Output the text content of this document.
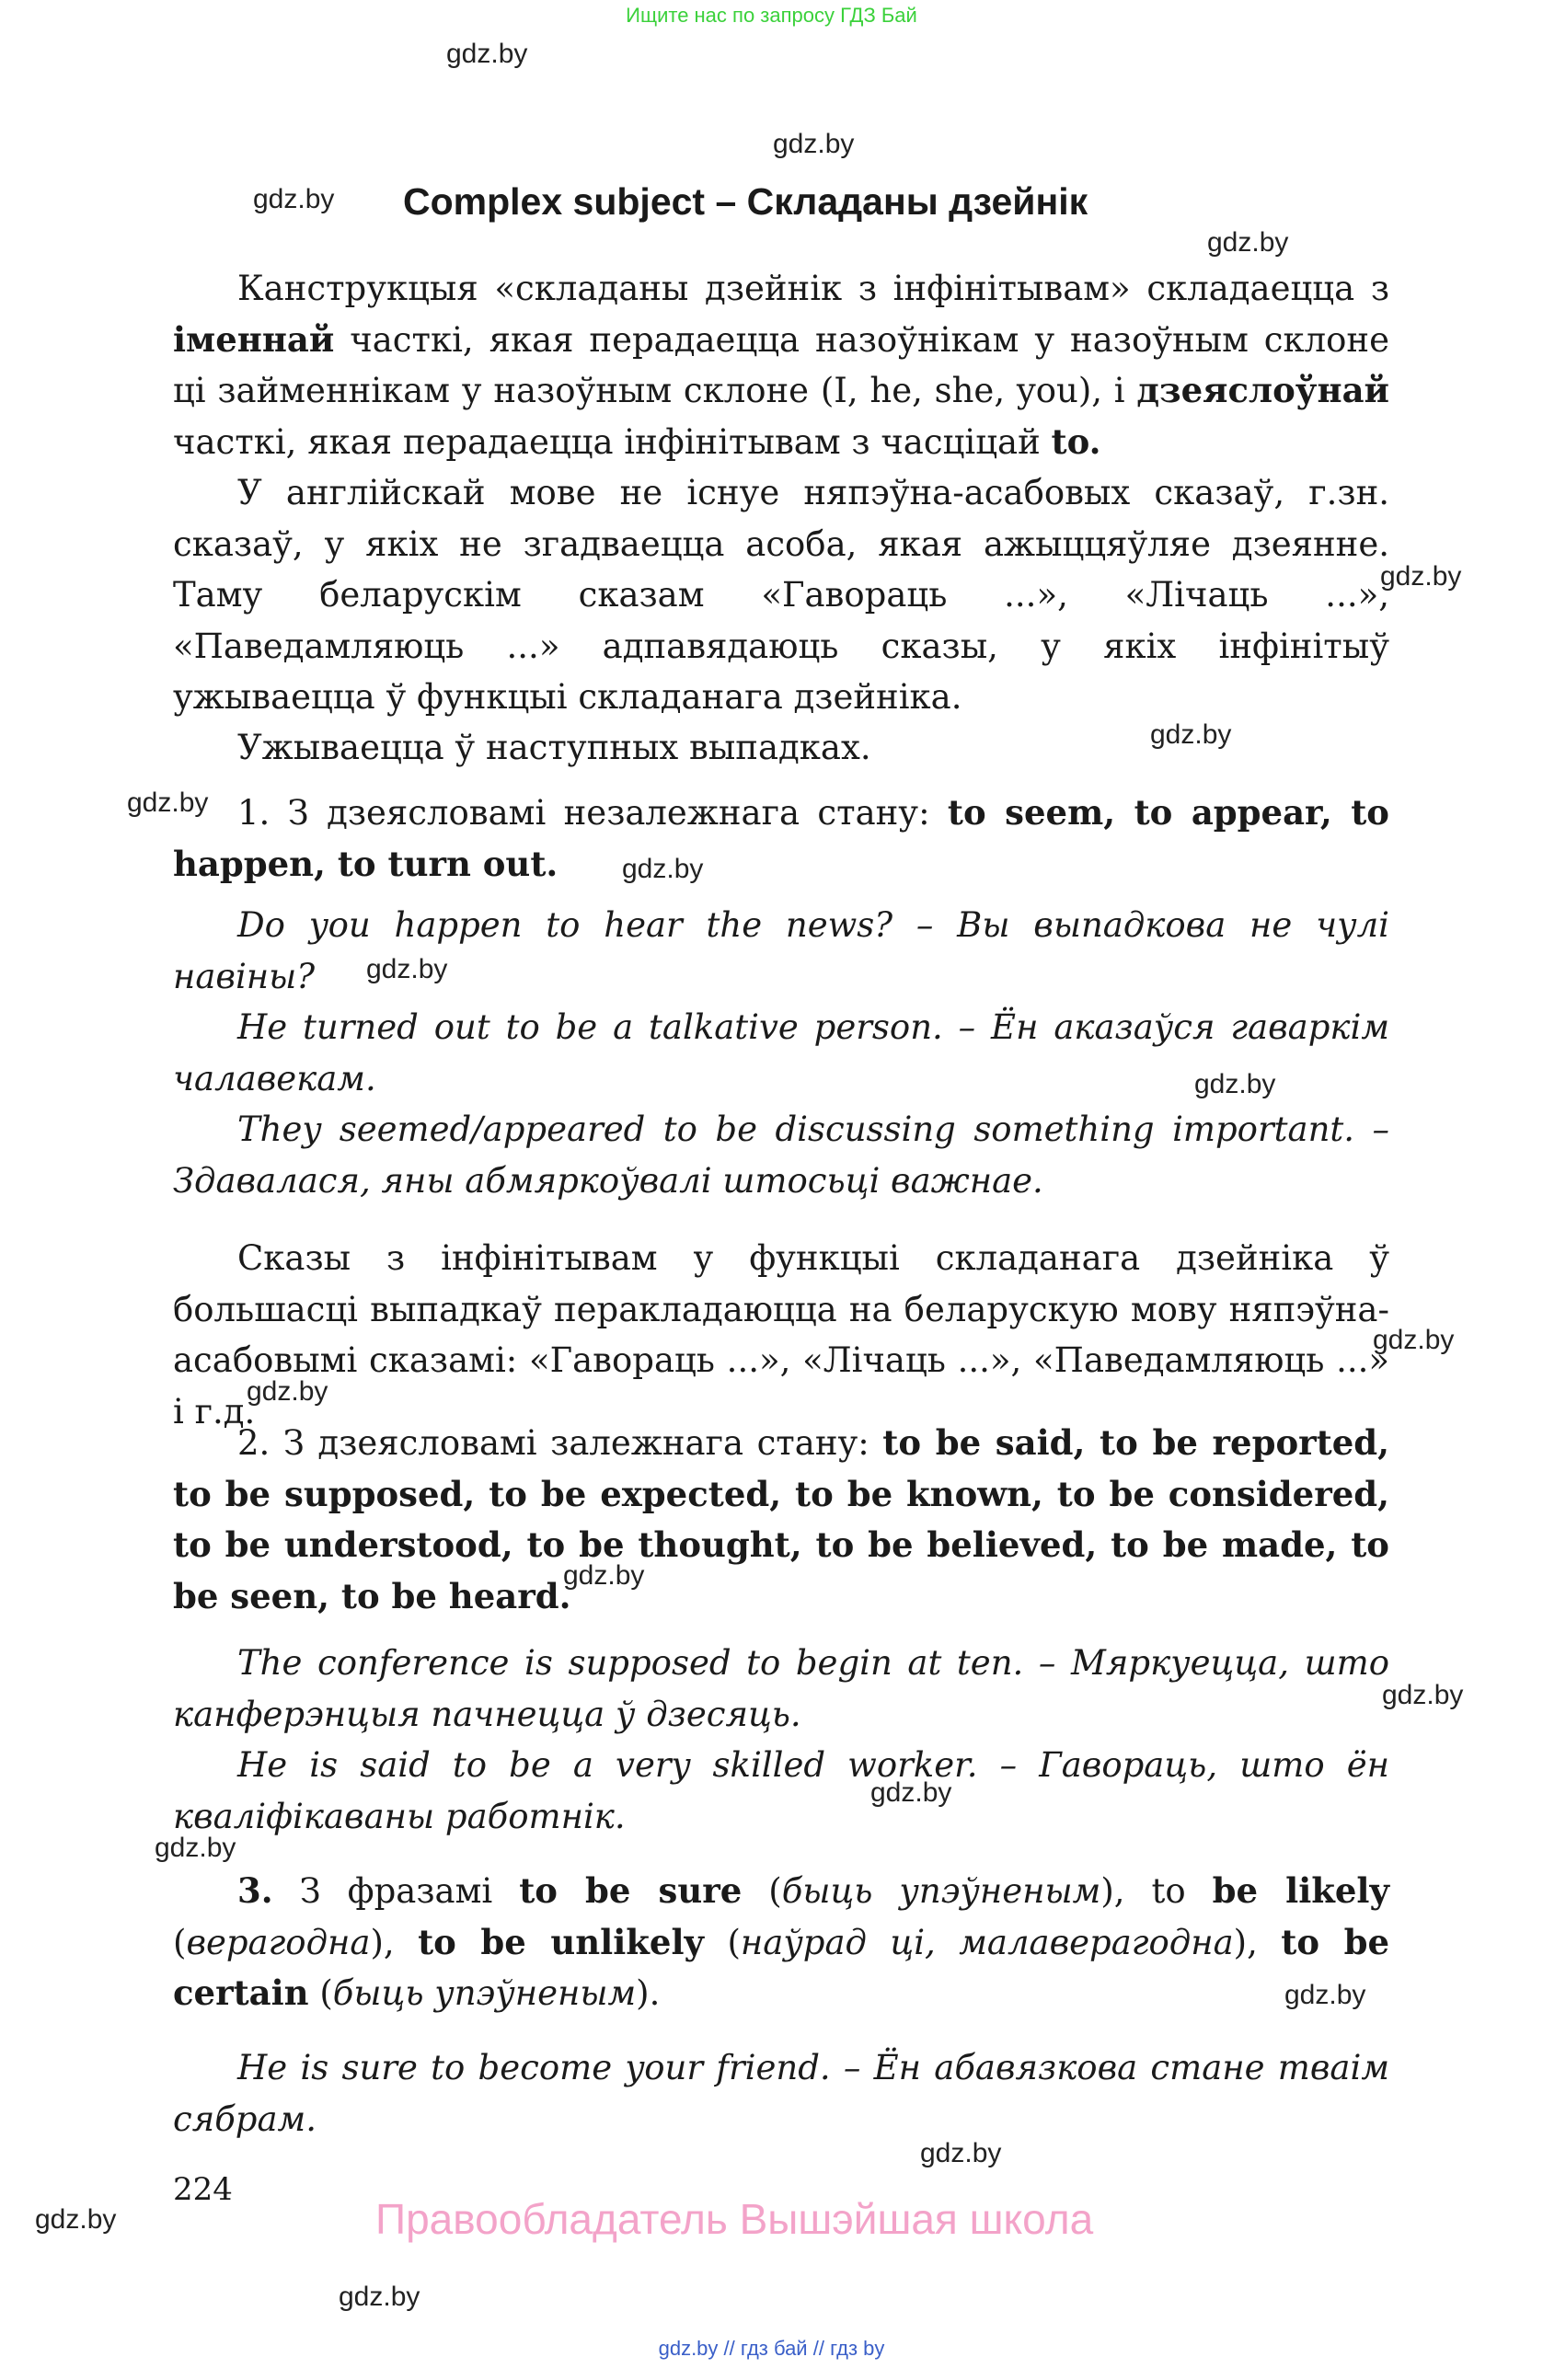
Ищите нас по запросу ГДЗ Бай
gdz.by
gdz.by
gdz.by
gdz.by
gdz.by
gdz.by
gdz.by
gdz.by
gdz.by
gdz.by
gdz.by
gdz.by
gdz.by
gdz.by
gdz.by
gdz.by
gdz.by
gdz.by
gdz.by
gdz.by
Complex subject – Складаны дзейнік
Канструкцыя «складаны дзейнік з інфінітывам» складаецца з іменнай часткі, якая перадаецца назоўнікам у назоўным склоне ці займеннікам у назоўным склоне (I, he, she, you), і дзеяслоўнай часткі, якая перадаецца інфінітывам з часціцай to.
У англійскай мове не існуе няпэўна-асабовых сказаў, г.зн. сказаў, у якіх не згадваецца асоба, якая ажыццяўляе дзеянне. Таму беларускім сказам «Гавораць ...», «Лічаць ...», «Паведамляюць ...» адпавядаюць сказы, у якіх інфінітыў ужываецца ў функцыі складанага дзейніка.
Ужываецца ў наступных выпадках.
1. З дзеясловамі незалежнага стану: to seem, to appear, to happen, to turn out.
Do you happen to hear the news? – Вы выпадкова не чулі навіны?
He turned out to be a talkative person. – Ён аказаўся гаваркім чалавекам.
They seemed/appeared to be discussing something important. – Здавалася, яны абмяркоўвалі штосьці важнае.
Сказы з інфінітывам у функцыі складанага дзейніка ў большасці выпадкаў перакладаюцца на беларускую мову няпэўна-асабовымі сказамі: «Гавораць ...», «Лічаць ...», «Паведамляюць ...» і г.д.
2. З дзеясловамі залежнага стану: to be said, to be reported, to be supposed, to be expected, to be known, to be considered, to be understood, to be thought, to be believed, to be made, to be seen, to be heard.
The conference is supposed to begin at ten. – Мяркуецца, што канферэнцыя пачнецца ў дзесяць.
He is said to be a very skilled worker. – Гавораць, што ён кваліфікаваны работнік.
3. З фразамі to be sure (быць упэўненым), to be likely (верагодна), to be unlikely (наўрад ці, малаверагодна), to be certain (быць упэўненым).
He is sure to become your friend. – Ён абавязкова стане тваім сябрам.
224
Правообладатель Вышэйшая школа
gdz.by // гдз бай // гдз by
